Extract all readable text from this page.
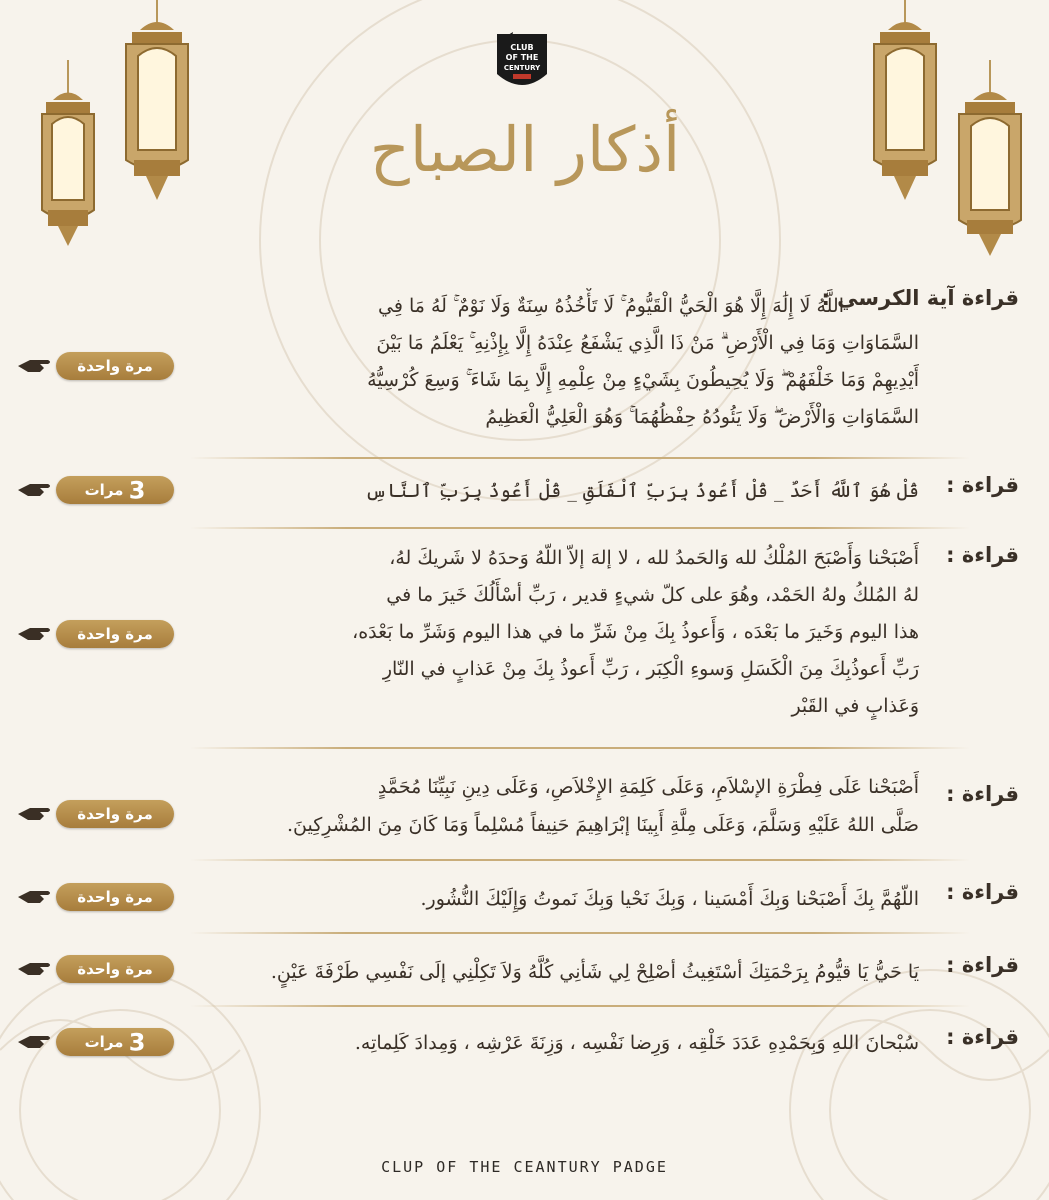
CLUB
OF THE
CENTURY
أذكار الصباح
قراءة آية الكرسي :
اللَّهُ لَا إِلَٰهَ إِلَّا هُوَ الْحَيُّ الْقَيُّومُ ۚ لَا تَأْخُذُهُ سِنَةٌ وَلَا نَوْمٌ ۚ لَهُ مَا فِي
السَّمَاوَاتِ وَمَا فِي الْأَرْضِ ۗ مَنْ ذَا الَّذِي يَشْفَعُ عِنْدَهُ إِلَّا بِإِذْنِهِ ۚ يَعْلَمُ مَا بَيْنَ
أَيْدِيهِمْ وَمَا خَلْفَهُمْ ۖ وَلَا يُحِيطُونَ بِشَيْءٍ مِنْ عِلْمِهِ إِلَّا بِمَا شَاءَ ۚ وَسِعَ كُرْسِيُّهُ
السَّمَاوَاتِ وَالْأَرْضَ ۖ وَلَا يَئُودُهُ حِفْظُهُمَا ۚ وَهُوَ الْعَلِيُّ الْعَظِيمُ
مرة واحدة
قراءة :
قُلْ هُوَ ٱللَّهُ أَحَدٌ _ قُلْ أَعُوذُ بِرَبِّ ٱلْفَلَقِ _ قُلْ أَعُوذُ بِرَبِّ ٱلنَّاسِ
3 مرات
قراءة :
أَصْبَحْنا وَأَصْبَحَ المُلْكُ لله وَالحَمدُ لله ، لا إلهَ إلاّ اللّهُ وَحدَهُ لا شَريكَ لهُ،
لهُ المُلكُ ولهُ الحَمْد، وهُوَ على كلّ شيءٍ قدير ، رَبِّ أسْأَلُكَ خَيرَ ما في
هذا اليوم وَخَيرَ ما بَعْدَه ، وَأَعوذُ بِكَ مِنْ شَرِّ ما في هذا اليوم وَشَرِّ ما بَعْدَه،
رَبِّ أَعوذُبِكَ مِنَ الْكَسَلِ وَسوءِ الْكِبَر ، رَبِّ أَعوذُ بِكَ مِنْ عَذابٍ في النّارِ
وَعَذابٍ في القَبْر
مرة واحدة
قراءة :
أَصْبَحْنا عَلَى فِطْرَةِ الإسْلاَمِ، وَعَلَى كَلِمَةِ الإِخْلاَصِ، وَعَلَى دِينِ نَبِيِّنَا مُحَمَّدٍ
صَلَّى اللهُ عَلَيْهِ وَسَلَّمَ، وَعَلَى مِلَّةِ أَبِينَا إبْرَاهِيمَ حَنِيفاً مُسْلِماً وَمَا كَانَ مِنَ المُشْرِكِينَ.
مرة واحدة
قراءة :
اللّهُمَّ بِكَ أَصْبَحْنا وَبِكَ أَمْسَينا ، وَبِكَ نَحْيا وَبِكَ نَموتُ وَإِلَيْكَ النُّشُور.
مرة واحدة
قراءة :
يَا حَيُّ يَا قيُّومُ بِرَحْمَتِكَ أسْتَغِيثُ أصْلِحْ لِي شَأنِي كُلَّهُ وَلاَ تَكِلْنِي إلَى نَفْسِي طَرْفَةَ عَيْنٍ.
مرة واحدة
قراءة :
سُبْحانَ اللهِ وَبِحَمْدِهِ عَدَدَ خَلْقِه ، وَرِضا نَفْسِه ، وَزِنَةَ عَرْشِه ، وَمِدادَ كَلِماتِه.
3 مرات
CLUP OF THE CEANTURY PADGE
